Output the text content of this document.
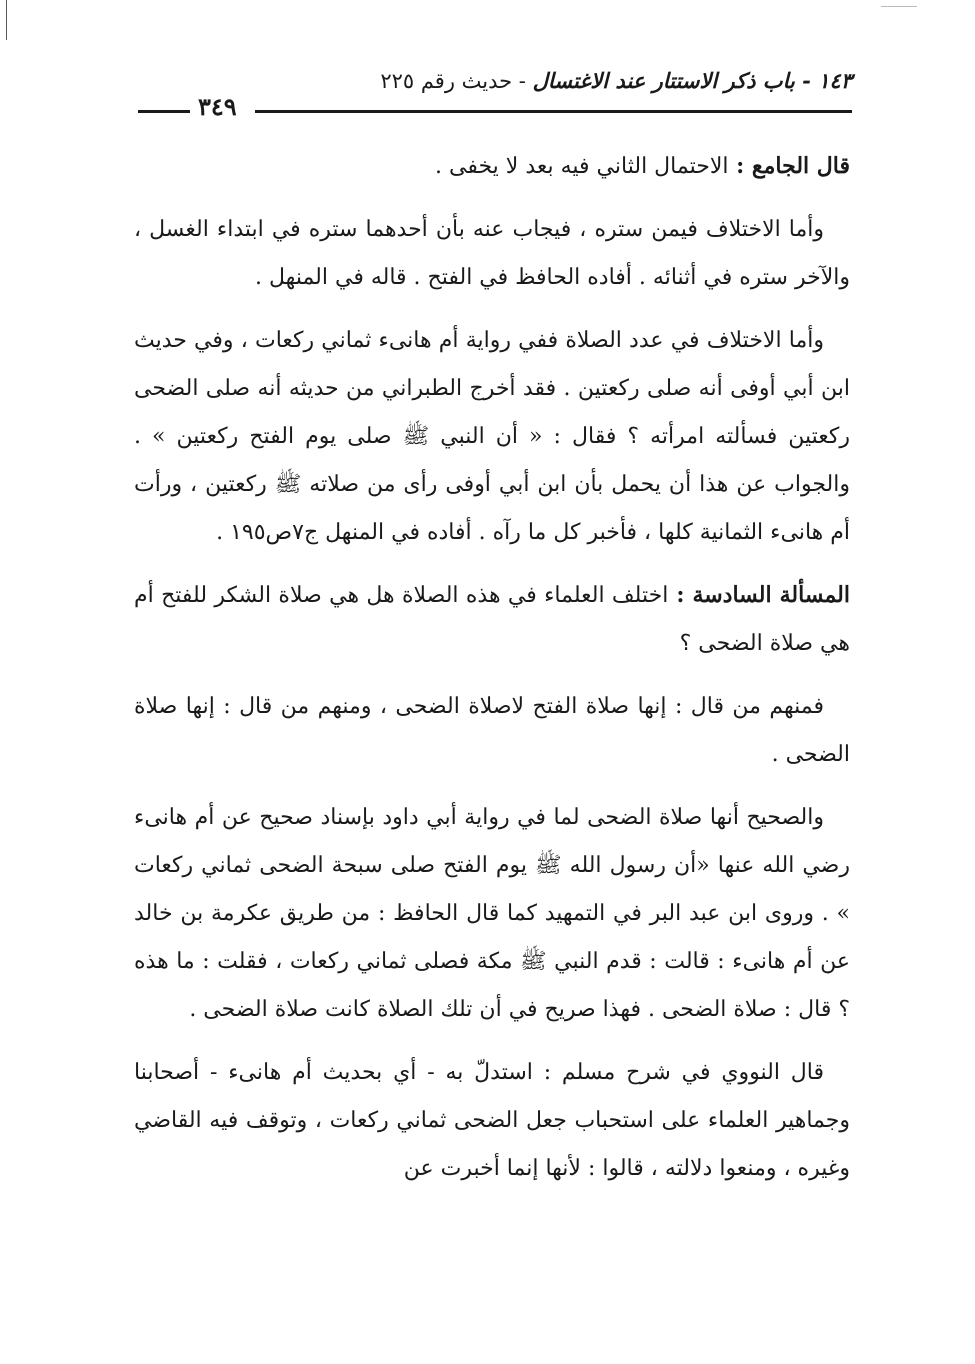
١٤٣ - باب ذكر الاستتار عند الاغتسال - حديث رقم ٢٢٥
٣٤٩

قال الجامع : الاحتمال الثاني فيه بعد لا يخفى .

وأما الاختلاف فيمن ستره ، فيجاب عنه بأن أحدهما ستره في ابتداء الغسل ، والآخر ستره في أثنائه . أفاده الحافظ في الفتح . قاله في المنهل .

وأما الاختلاف في عدد الصلاة ففي رواية أم هانىء ثماني ركعات ، وفي حديث ابن أبي أوفى أنه صلى ركعتين . فقد أخرج الطبراني من حديثه أنه صلى الضحى ركعتين فسألته امرأته ؟ فقال : « أن النبي ﷺ صلى يوم الفتح ركعتين » . والجواب عن هذا أن يحمل بأن ابن أبي أوفى رأى من صلاته ﷺ ركعتين ، ورأت أم هانىء الثمانية كلها ، فأخبر كل ما رآه . أفاده في المنهل ج٧ص١٩٥ .

المسألة السادسة : اختلف العلماء في هذه الصلاة هل هي صلاة الشكر للفتح أم هي صلاة الضحى ؟

فمنهم من قال : إنها صلاة الفتح لاصلاة الضحى ، ومنهم من قال : إنها صلاة الضحى .

والصحيح أنها صلاة الضحى لما في رواية أبي داود بإسناد صحيح عن أم هانىء رضي الله عنها «أن رسول الله ﷺ يوم الفتح صلى سبحة الضحى ثماني ركعات » . وروى ابن عبد البر في التمهيد كما قال الحافظ : من طريق عكرمة بن خالد عن أم هانىء : قالت : قدم النبي ﷺ مكة فصلى ثماني ركعات ، فقلت : ما هذه ؟ قال : صلاة الضحى . فهذا صريح في أن تلك الصلاة كانت صلاة الضحى .

قال النووي في شرح مسلم : استدلّ به - أي بحديث أم هانىء - أصحابنا وجماهير العلماء على استحباب جعل الضحى ثماني ركعات ، وتوقف فيه القاضي وغيره ، ومنعوا دلالته ، قالوا : لأنها إنما أخبرت عن
